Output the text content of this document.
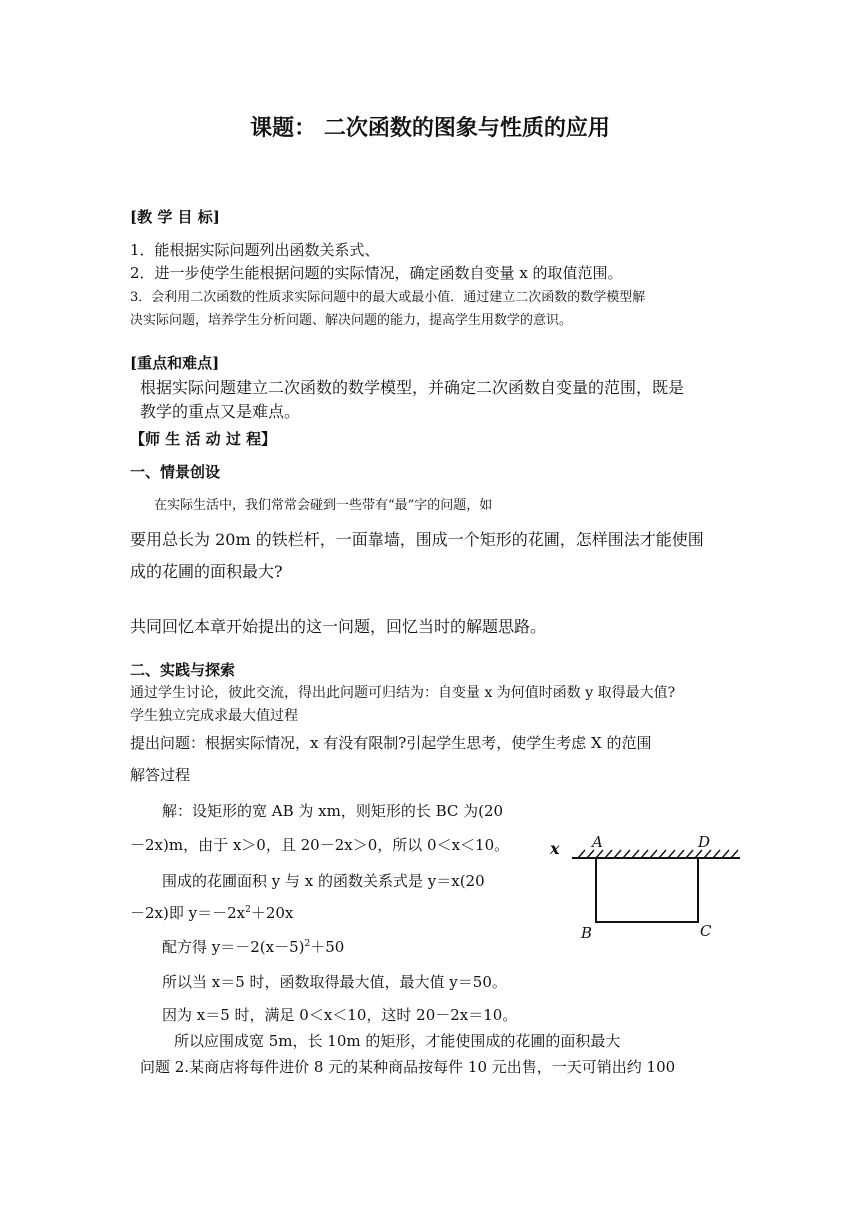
课题： 二次函数的图象与性质的应用
[教 学 目 标]
1．能根据实际问题列出函数关系式、
2．进一步使学生能根据问题的实际情况，确定函数自变量 x 的取值范围。
3．会利用二次函数的性质求实际问题中的最大或最小值．通过建立二次函数的数学模型解
决实际问题，培养学生分析问题、解决问题的能力，提高学生用数学的意识。
[重点和难点]
根据实际问题建立二次函数的数学模型，并确定二次函数自变量的范围，既是
教学的重点又是难点。
【师 生 活 动 过 程】
一、情景创设
在实际生活中，我们常常会碰到一些带有“最”字的问题，如
要用总长为 20m 的铁栏杆，一面靠墙，围成一个矩形的花圃，怎样围法才能使围
成的花圃的面积最大?
共同回忆本章开始提出的这一问题，回忆当时的解题思路。
二、实践与探索
通过学生讨论，彼此交流，得出此问题可归结为：自变量 x 为何值时函数 y 取得最大值?
学生独立完成求最大值过程
提出问题：根据实际情况，x 有没有限制?引起学生思考，使学生考虑 X 的范围
解答过程
解：设矩形的宽 AB 为 xm，则矩形的长 BC 为(20
－2x)m，由于 x＞0，且 20－2x＞0，所以 0＜x＜10。
围成的花圃面积 y 与 x 的函数关系式是 y＝x(20
－2x)即 $y=-2x^2+20x$
配方得 $y=-2(x-5)^2+50$
所以当 x＝5 时，函数取得最大值，最大值 y＝50。
因为 x＝5 时，满足 0＜x＜10，这时 20－2x＝10。
所以应围成宽 5m，长 10m 的矩形，才能使围成的花圃的面积最大
问题 2.某商店将每件进价 8 元的某种商品按每件 10 元出售，一天可销出约 100
x A	D
B	C
